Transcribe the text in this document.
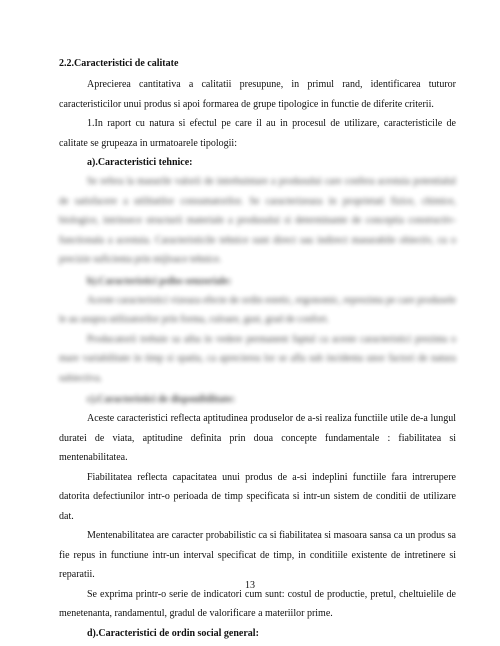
2.2.Caracteristici de calitate

Aprecierea cantitativa a calitatii presupune, in primul rand, identificarea tuturor caracteristicilor unui produs si apoi formarea de grupe tipologice in functie de diferite criterii.

1.In raport cu natura si efectul pe care il au in procesul de utilizare, caracteristicile de calitate se grupeaza in urmatoarele tipologii:

a).Caracteristici tehnice:

Se refera la masurile valorii de intrebuintare a produsului care confera acestuia potentialul de satisfacere a utilitatilor consumatorilor. Se caracterizeaza in proprietati fizice, chimice, biologice, intrinsece structurii materiale a produsului si determinante de conceptia constructiv-functionala a acestuia. Caracteristicile tehnice sunt direct sau indirect masurabile obiectiv, cu o precizie suficienta prin mijloace tehnice.

b).Caracteristici psiho-senzoriale:

Aceste caracteristici vizeaza efecte de ordin estetic, ergonomic, reprezinta pe care produsele le au asupra utilizatorilor prin forma, culoare, gust, grad de confort.

Producatorii trebuie sa aiba in vedere permanent faptul ca aceste caracteristici prezinta o mare variabilitate in timp si spatiu, ca aprecierea lor se afla sub incidenta unor factori de natura subiectiva.

c).Caracteristici de disponibilitate:

Aceste caracteristici reflecta aptitudinea produselor de a-si realiza functiile utile de-a lungul duratei de viata, aptitudine definita prin doua concepte fundamentale : fiabilitatea si mentenabilitatea.

Fiabilitatea reflecta capacitatea unui produs de a-si indeplini functiile fara intrerupere datorita defectiunilor intr-o perioada de timp specificata si intr-un sistem de conditii de utilizare dat.

Mentenabilitatea are caracter probabilistic ca si fiabilitatea si masoara sansa ca un produs sa fie repus in functiune intr-un interval specificat de timp, in conditiile existente de intretinere si reparatii.

Se exprima printr-o serie de indicatori cum sunt: costul de productie, pretul, cheltuielile de menetenanta, randamentul, gradul de valorificare a materiilor prime.

d).Caracteristici de ordin social general:

13
